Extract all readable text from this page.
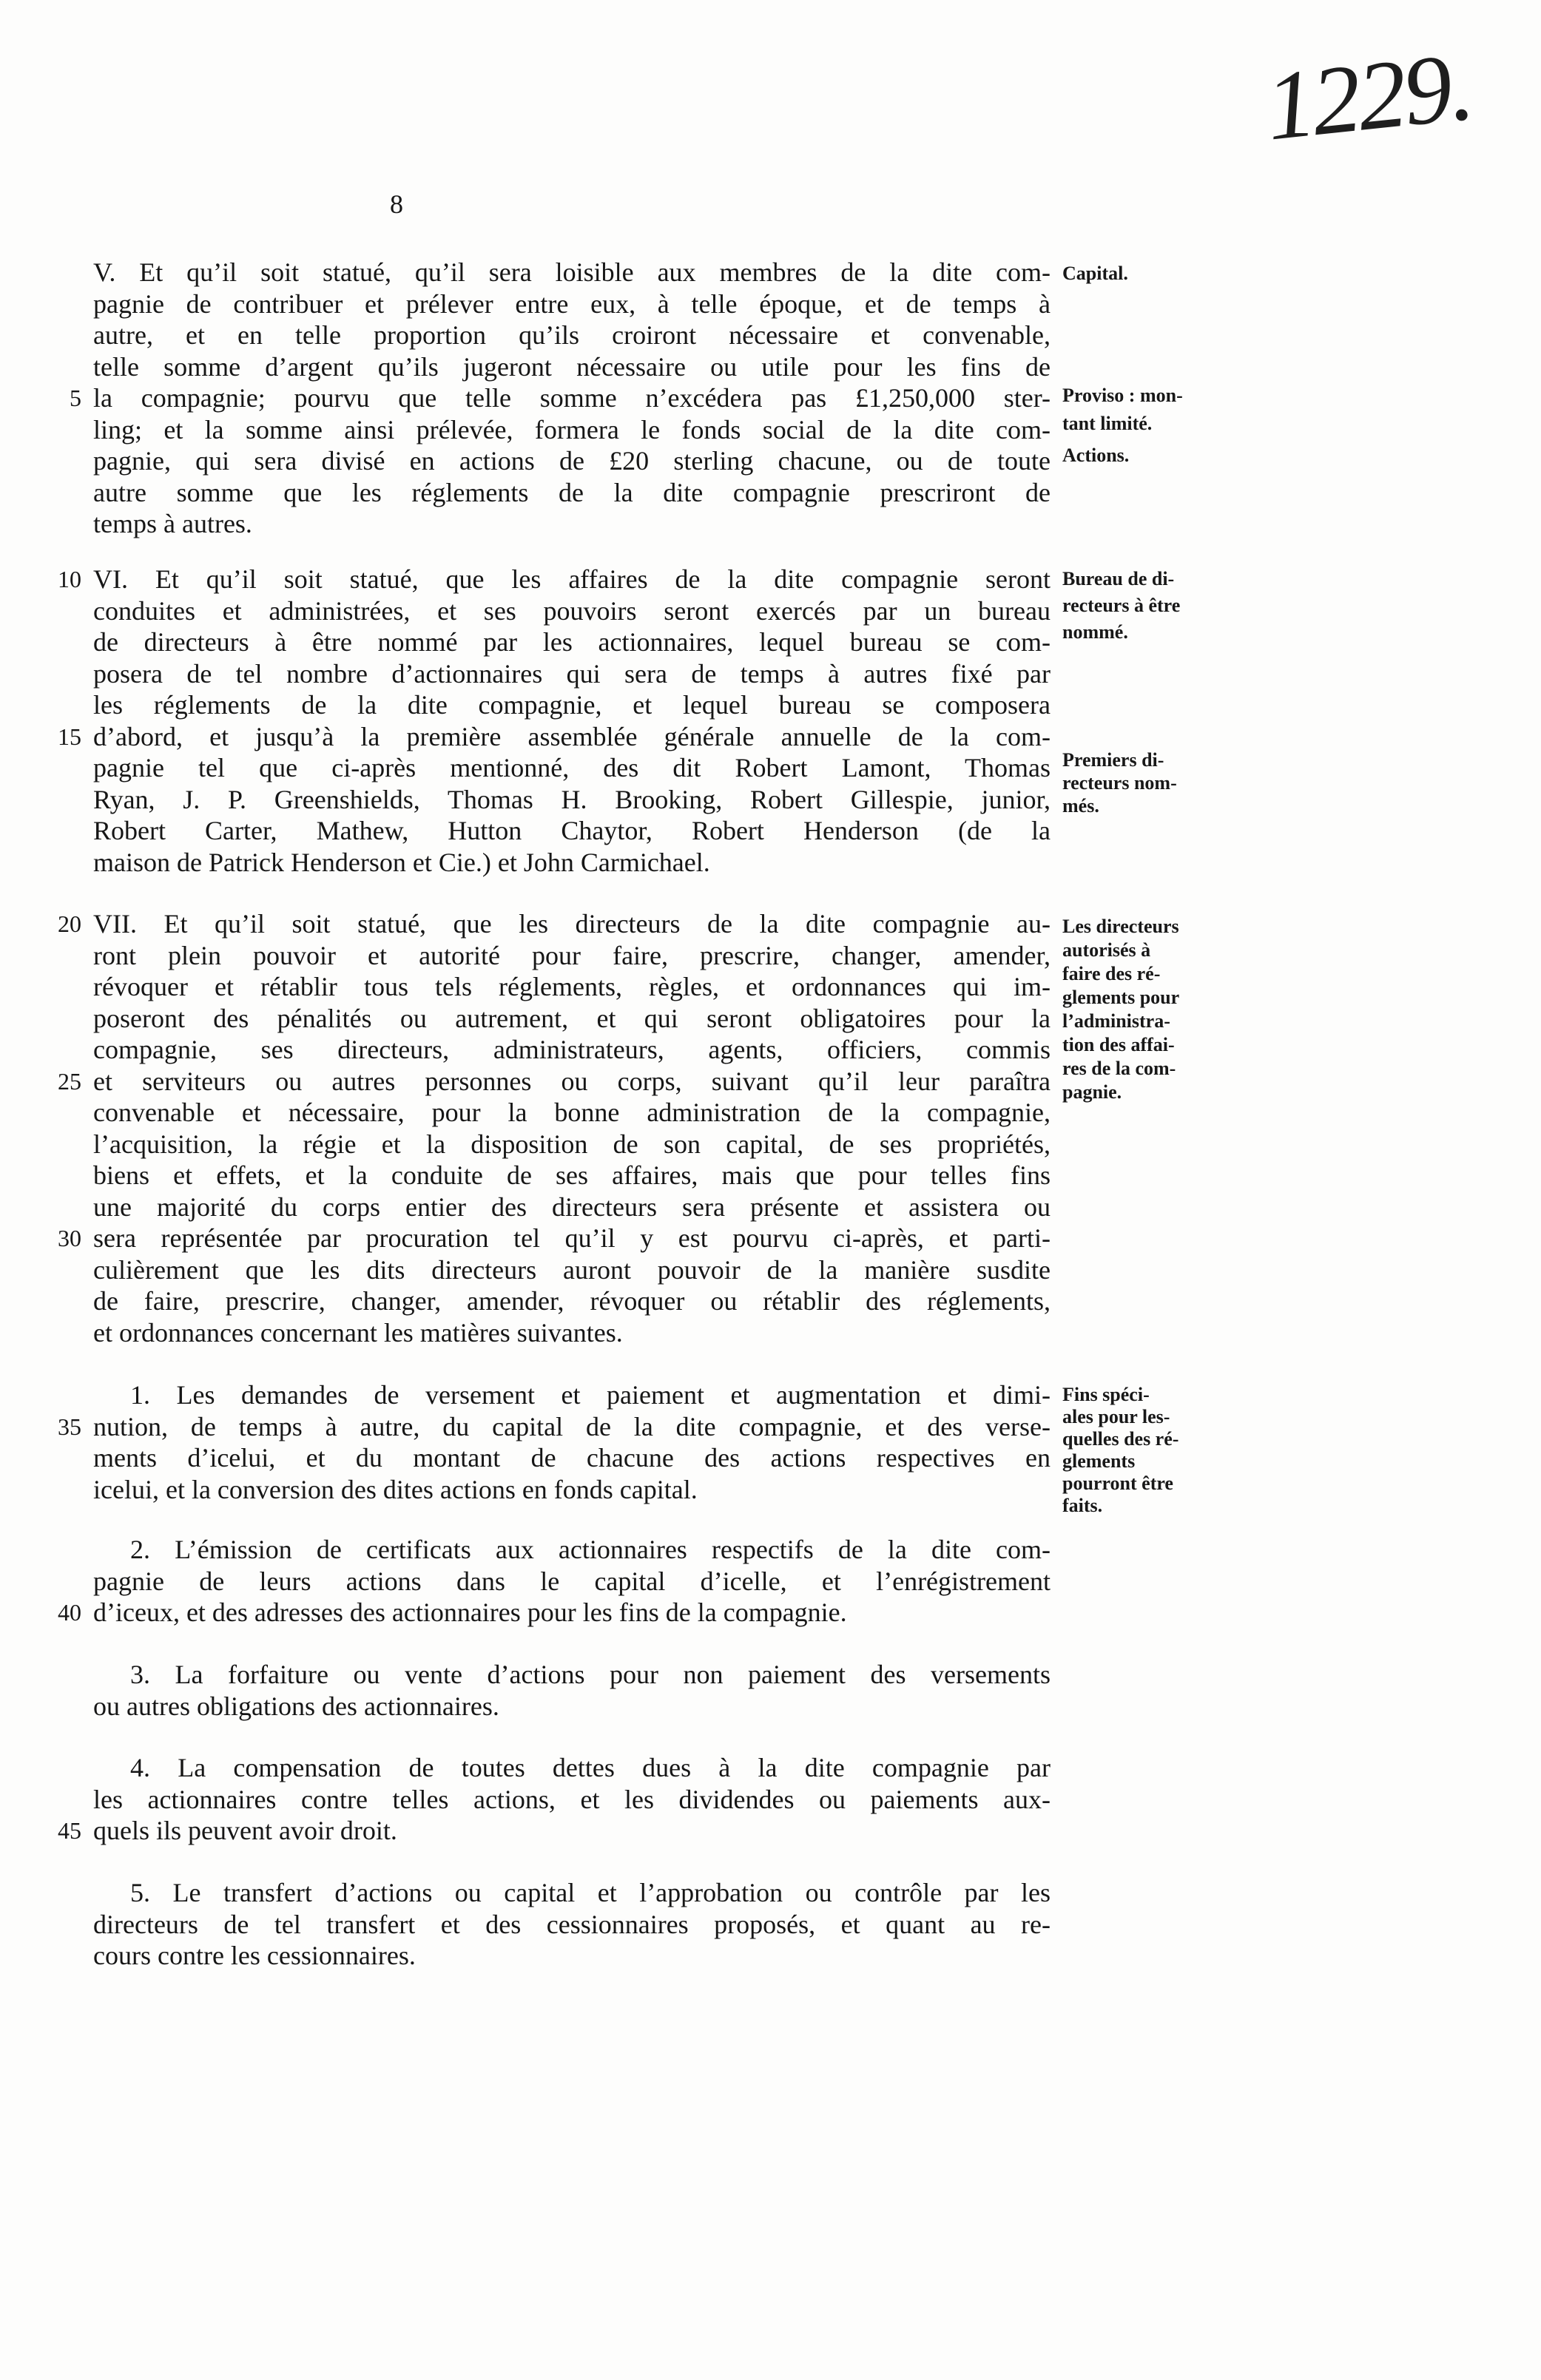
1229.
8
V. Et qu’il soit statué, qu’il sera loisible aux membres de la dite com-
pagnie de contribuer et prélever entre eux, à telle époque, et de temps à
autre, et en telle proportion qu’ils croiront nécessaire et convenable,
telle somme d’argent qu’ils jugeront nécessaire ou utile pour les fins de
5 la compagnie; pourvu que telle somme n’excédera pas £1,250,000 ster-
ling; et la somme ainsi prélevée, formera le fonds social de la dite com-
pagnie, qui sera divisé en actions de £20 sterling chacune, ou de toute
autre somme que les réglements de la dite compagnie prescriront de
temps à autres.
10 VI. Et qu’il soit statué, que les affaires de la dite compagnie seront
conduites et administrées, et ses pouvoirs seront exercés par un bureau
de directeurs à être nommé par les actionnaires, lequel bureau se com-
posera de tel nombre d’actionnaires qui sera de temps à autres fixé par
les réglements de la dite compagnie, et lequel bureau se composera
15 d’abord, et jusqu’à la première assemblée générale annuelle de la com-
pagnie tel que ci-après mentionné, des dit Robert Lamont, Thomas
Ryan, J. P. Greenshields, Thomas H. Brooking, Robert Gillespie, junior,
Robert Carter, Mathew, Hutton Chaytor, Robert Henderson (de la
maison de Patrick Henderson et Cie.) et John Carmichael.
20 VII. Et qu’il soit statué, que les directeurs de la dite compagnie au-
ront plein pouvoir et autorité pour faire, prescrire, changer, amender,
révoquer et rétablir tous tels réglements, règles, et ordonnances qui im-
poseront des pénalités ou autrement, et qui seront obligatoires pour la
compagnie, ses directeurs, administrateurs, agents, officiers, commis
25 et serviteurs ou autres personnes ou corps, suivant qu’il leur paraîtra
convenable et nécessaire, pour la bonne administration de la compagnie,
l’acquisition, la régie et la disposition de son capital, de ses propriétés,
biens et effets, et la conduite de ses affaires, mais que pour telles fins
une majorité du corps entier des directeurs sera présente et assistera ou
30 sera représentée par procuration tel qu’il y est pourvu ci-après, et parti-
culièrement que les dits directeurs auront pouvoir de la manière susdite
de faire, prescrire, changer, amender, révoquer ou rétablir des réglements,
et ordonnances concernant les matières suivantes.
1. Les demandes de versement et paiement et augmentation et dimi-
35 nution, de temps à autre, du capital de la dite compagnie, et des verse-
ments d’icelui, et du montant de chacune des actions respectives en
icelui, et la conversion des dites actions en fonds capital.
2. L’émission de certificats aux actionnaires respectifs de la dite com-
pagnie de leurs actions dans le capital d’icelle, et l’enrégistrement
40 d’iceux, et des adresses des actionnaires pour les fins de la compagnie.
3. La forfaiture ou vente d’actions pour non paiement des versements
ou autres obligations des actionnaires.
4. La compensation de toutes dettes dues à la dite compagnie par
les actionnaires contre telles actions, et les dividendes ou paiements aux-
45 quels ils peuvent avoir droit.
5. Le transfert d’actions ou capital et l’approbation ou contrôle par les
directeurs de tel transfert et des cessionnaires proposés, et quant au re-
cours contre les cessionnaires.
Capital.
Proviso : mon-
tant limité.
Actions.
Bureau de di-
recteurs à être
nommé.
Premiers di-
recteurs nom-
més.
Les directeurs
autorisés à
faire des ré-
glements pour
l’administra-
tion des affai-
res de la com-
pagnie.
Fins spéci-
ales pour les-
quelles des ré-
glements
pourront être
faits.
